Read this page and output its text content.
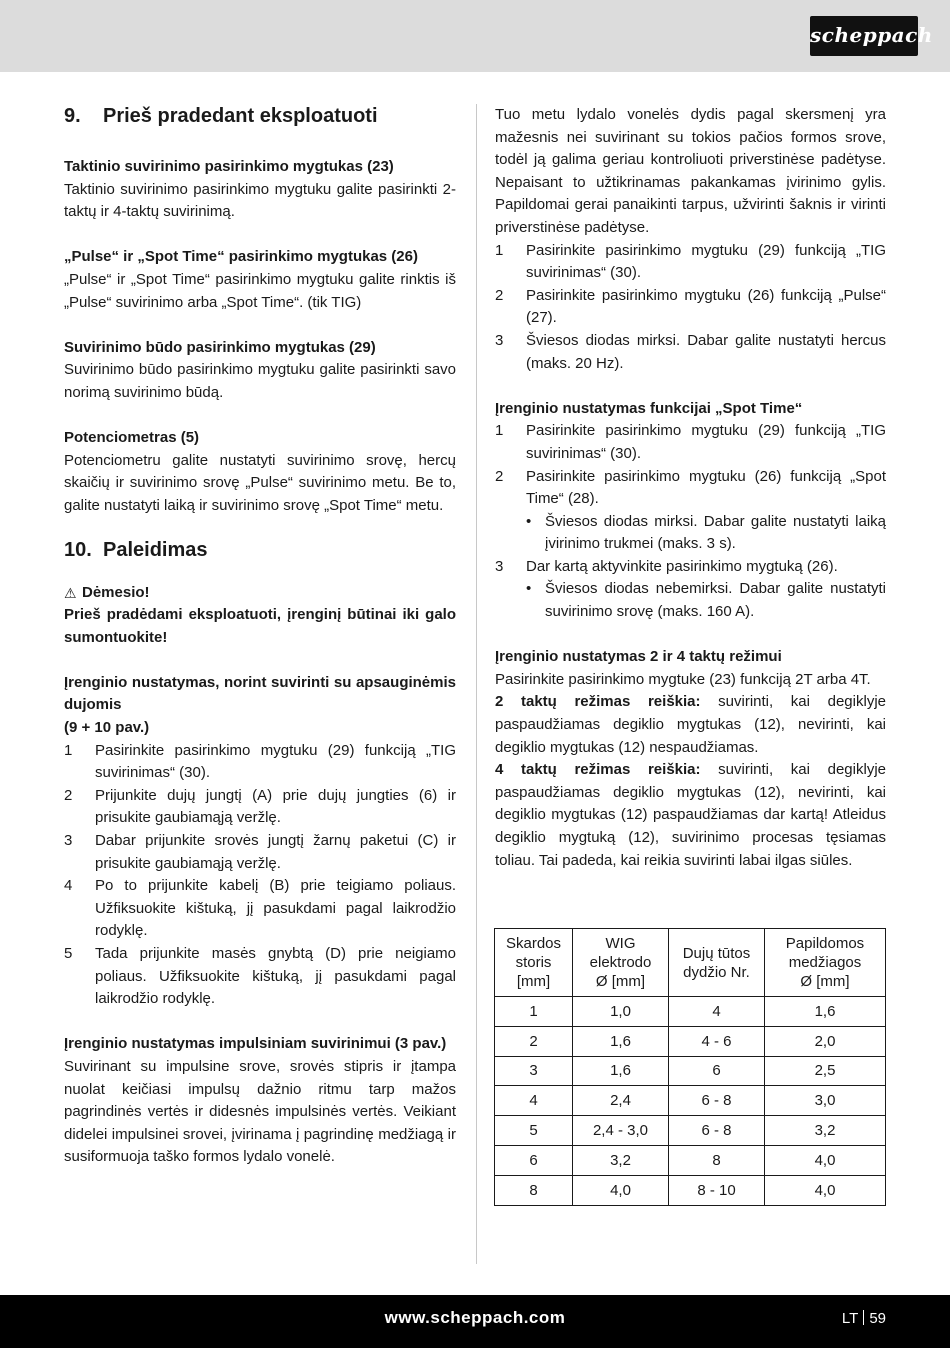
scheppach
9.	Prieš pradedant eksploatuoti

Taktinio suvirinimo pasirinkimo mygtukas (23)

Taktinio suvirinimo pasirinkimo mygtuku galite pasirinkti 2-taktų ir 4-taktų suvirinimą.

„Pulse“ ir „Spot Time“ pasirinkimo mygtukas (26)

„Pulse“ ir „Spot Time“ pasirinkimo mygtuku galite rinktis iš „Pulse“ suvirinimo arba „Spot Time“. (tik TIG)

Suvirinimo būdo pasirinkimo mygtukas (29)

Suvirinimo būdo pasirinkimo mygtuku galite pasirinkti savo norimą suvirinimo būdą.

Potenciometras (5)

Potenciometru galite nustatyti suvirinimo srovę, hercų skaičių ir suvirinimo srovę „Pulse“ suvirinimo metu. Be to, galite nustatyti laiką ir suvirinimo srovę „Spot Time“ metu.

10. Paleidimas
⚠ Dėmesio!

Prieš pradėdami eksploatuoti, įrenginį būtinai iki galo sumontuokite!

Įrenginio nustatymas, norint suvirinti su apsauginėmis dujomis

(9 + 10 pav.)

1	Pasirinkite pasirinkimo mygtuku (29) funkciją „TIG suvirinimas“ (30).
2	Prijunkite dujų jungtį (A) prie dujų jungties (6) ir prisukite gaubiamąją veržlę.
3	Dabar prijunkite srovės jungtį žarnų paketui (C) ir prisukite gaubiamąją veržlę.
4	Po to prijunkite kabelį (B) prie teigiamo poliaus. Užfiksuokite kištuką, jį pasukdami pagal laikrodžio rodyklę.
5	Tada prijunkite masės gnybtą (D) prie neigiamo poliaus. Užfiksuokite kištuką, jį pasukdami pagal laikrodžio rodyklę.

Įrenginio nustatymas impulsiniam suvirinimui (3 pav.)

Suvirinant su impulsine srove, srovės stipris ir įtampa nuolat keičiasi impulsų dažnio ritmu tarp mažos pagrindinės vertės ir didesnės impulsinės vertės. Veikiant didelei impulsinei srovei, įvirinama į pagrindinę medžiagą ir susiformuoja taško formos lydalo vonelė.

Tuo metu lydalo vonelės dydis pagal skersmenį yra mažesnis nei suvirinant su tokios pačios formos srove, todėl ją galima geriau kontroliuoti priverstinėse padėtyse. Nepaisant to užtikrinamas pakankamas įvirinimo gylis. Papildomai gerai panaikinti tarpus, užvirinti šaknis ir virinti priverstinėse padėtyse.

1	Pasirinkite pasirinkimo mygtuku (29) funkciją „TIG suvirinimas“ (30).
2	Pasirinkite pasirinkimo mygtuku (26) funkciją „Pulse“ (27).
3	Šviesos diodas mirksi. Dabar galite nustatyti hercus (maks. 20 Hz).

Įrenginio nustatymas funkcijai „Spot Time“

1	Pasirinkite pasirinkimo mygtuku (29) funkciją „TIG suvirinimas“ (30).
2	Pasirinkite pasirinkimo mygtuku (26) funkciją „Spot Time“ (28).
• Šviesos diodas mirksi. Dabar galite nustatyti laiką įvirinimo trukmei (maks. 3 s).
3	Dar kartą aktyvinkite pasirinkimo mygtuką (26).
• Šviesos diodas nebemirksi. Dabar galite nustatyti suvirinimo srovę (maks. 160 A).

Įrenginio nustatymas 2 ir 4 taktų režimui

Pasirinkite pasirinkimo mygtuke (23) funkciją 2T arba 4T.

2 taktų režimas reiškia: suvirinti, kai degiklyje paspaudžiamas degiklio mygtukas (12), nevirinti, kai degiklio mygtukas (12) nespaudžiamas.

4 taktų režimas reiškia: suvirinti, kai degiklyje paspaudžiamas degiklio mygtukas (12), nevirinti, kai degiklio mygtukas (12) paspaudžiamas dar kartą! Atleidus degiklio mygtuką (12), suvirinimo procesas tęsiamas toliau. Tai padeda, kai reikia suvirinti labai ilgas siūles.

Skardos
storis
[mm]	WIG
elektrodo
Ø [mm]	Dujų tūtos
dydžio Nr.	Papildomos
medžiagos
Ø [mm]
1	1,0	4	1,6
2	1,6	4 - 6	2,0
3	1,6	6	2,5
4	2,4	6 - 8	3,0
5	2,4 - 3,0	6 - 8	3,2
6	3,2	8	4,0
8	4,0	8 - 10	4,0
www.scheppach.com	LT 59
